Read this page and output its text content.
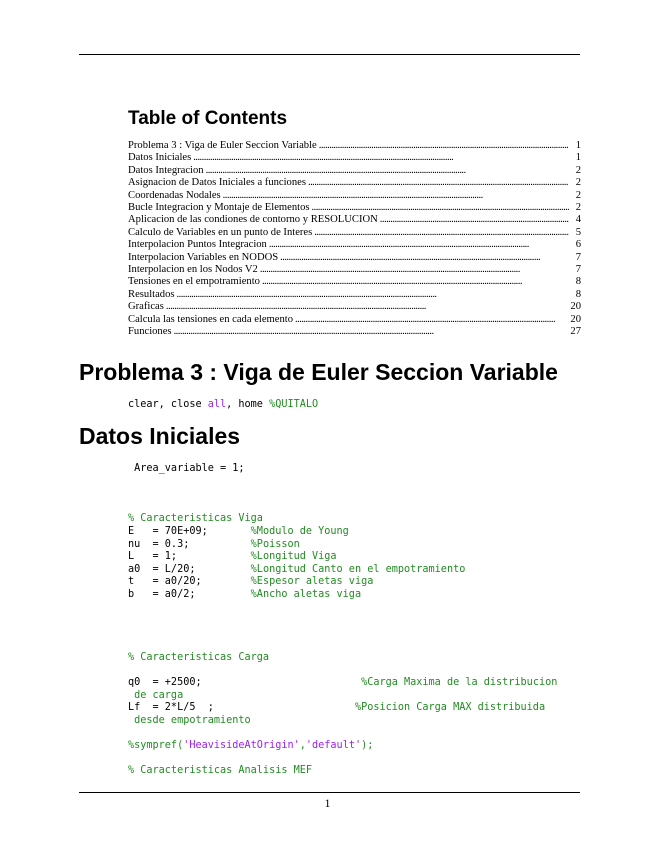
Table of Contents
Problema 3 : Viga de Euler Seccion Variable . . .	1
Datos Iniciales . . .	1
Datos Integracion . . .	2
Asignacion de Datos Iniciales a funciones . . .	2
Coordenadas Nodales . . .	2
Bucle Integracion y Montaje de Elementos . . .	2
Aplicacion de las condiones de contorno y RESOLUCION . . .	4
Calculo de Variables en un punto de Interes . . .	5
Interpolacion Puntos Integracion . . .	6
Interpolacion Variables en NODOS . . .	7
Interpolacion en los Nodos V2 . . .	7
Tensiones en el empotramiento . . .	8
Resultados . . .	8
Graficas . . .	20
Calcula las tensiones en cada elemento . . .	20
Funciones . . .	27
Problema 3 : Viga de Euler Seccion Variable
clear, close all, home %QUITALO
Datos Iniciales
Area_variable = 1;

% Caracteristicas Viga
E   = 70E+09;       %Modulo de Young
nu  = 0.3;          %Poisson
L   = 1;            %Longitud Viga
a0  = L/20;         %Longitud Canto en el empotramiento
t   = a0/20;        %Espesor aletas viga
b   = a0/2;         %Ancho aletas viga

% Caracteristicas Carga

q0  = +2500;                          %Carga Maxima de la distribucion
de carga
Lf  = 2*L/5  ;                       %Posicion Carga MAX distribuida
desde empotramiento

%sympref('HeavisideAtOrigin','default');

% Caracteristicas Analisis MEF
1
